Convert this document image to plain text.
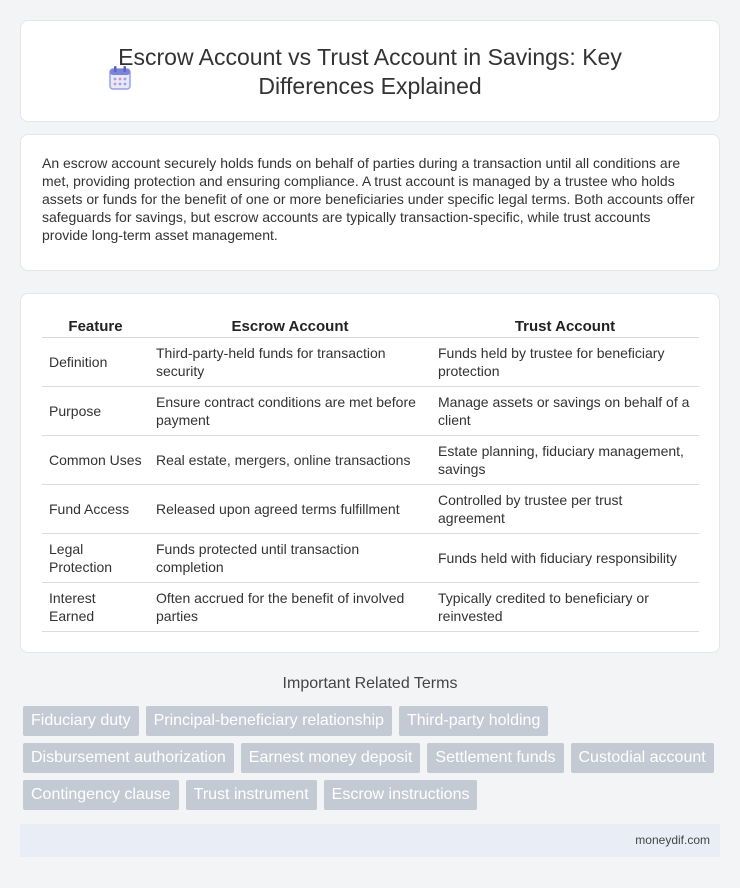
Escrow Account vs Trust Account in Savings: Key Differences Explained

An escrow account securely holds funds on behalf of parties during a transaction until all conditions are met, providing protection and ensuring compliance. A trust account is managed by a trustee who holds assets or funds for the benefit of one or more beneficiaries under specific legal terms. Both accounts offer safeguards for savings, but escrow accounts are typically transaction-specific, while trust accounts provide long-term asset management.

Feature	Escrow Account	Trust Account
Definition	Third-party-held funds for transaction security	Funds held by trustee for beneficiary protection
Purpose	Ensure contract conditions are met before payment	Manage assets or savings on behalf of a client
Common Uses	Real estate, mergers, online transactions	Estate planning, fiduciary management, savings
Fund Access	Released upon agreed terms fulfillment	Controlled by trustee per trust agreement
Legal Protection	Funds protected until transaction completion	Funds held with fiduciary responsibility
Interest Earned	Often accrued for the benefit of involved parties	Typically credited to beneficiary or reinvested
Important Related Terms
Fiduciary duty	Principal-beneficiary relationship	Third-party holding
Disbursement authorization	Earnest money deposit	Settlement funds	Custodial account
Contingency clause	Trust instrument	Escrow instructions
moneydif.com
